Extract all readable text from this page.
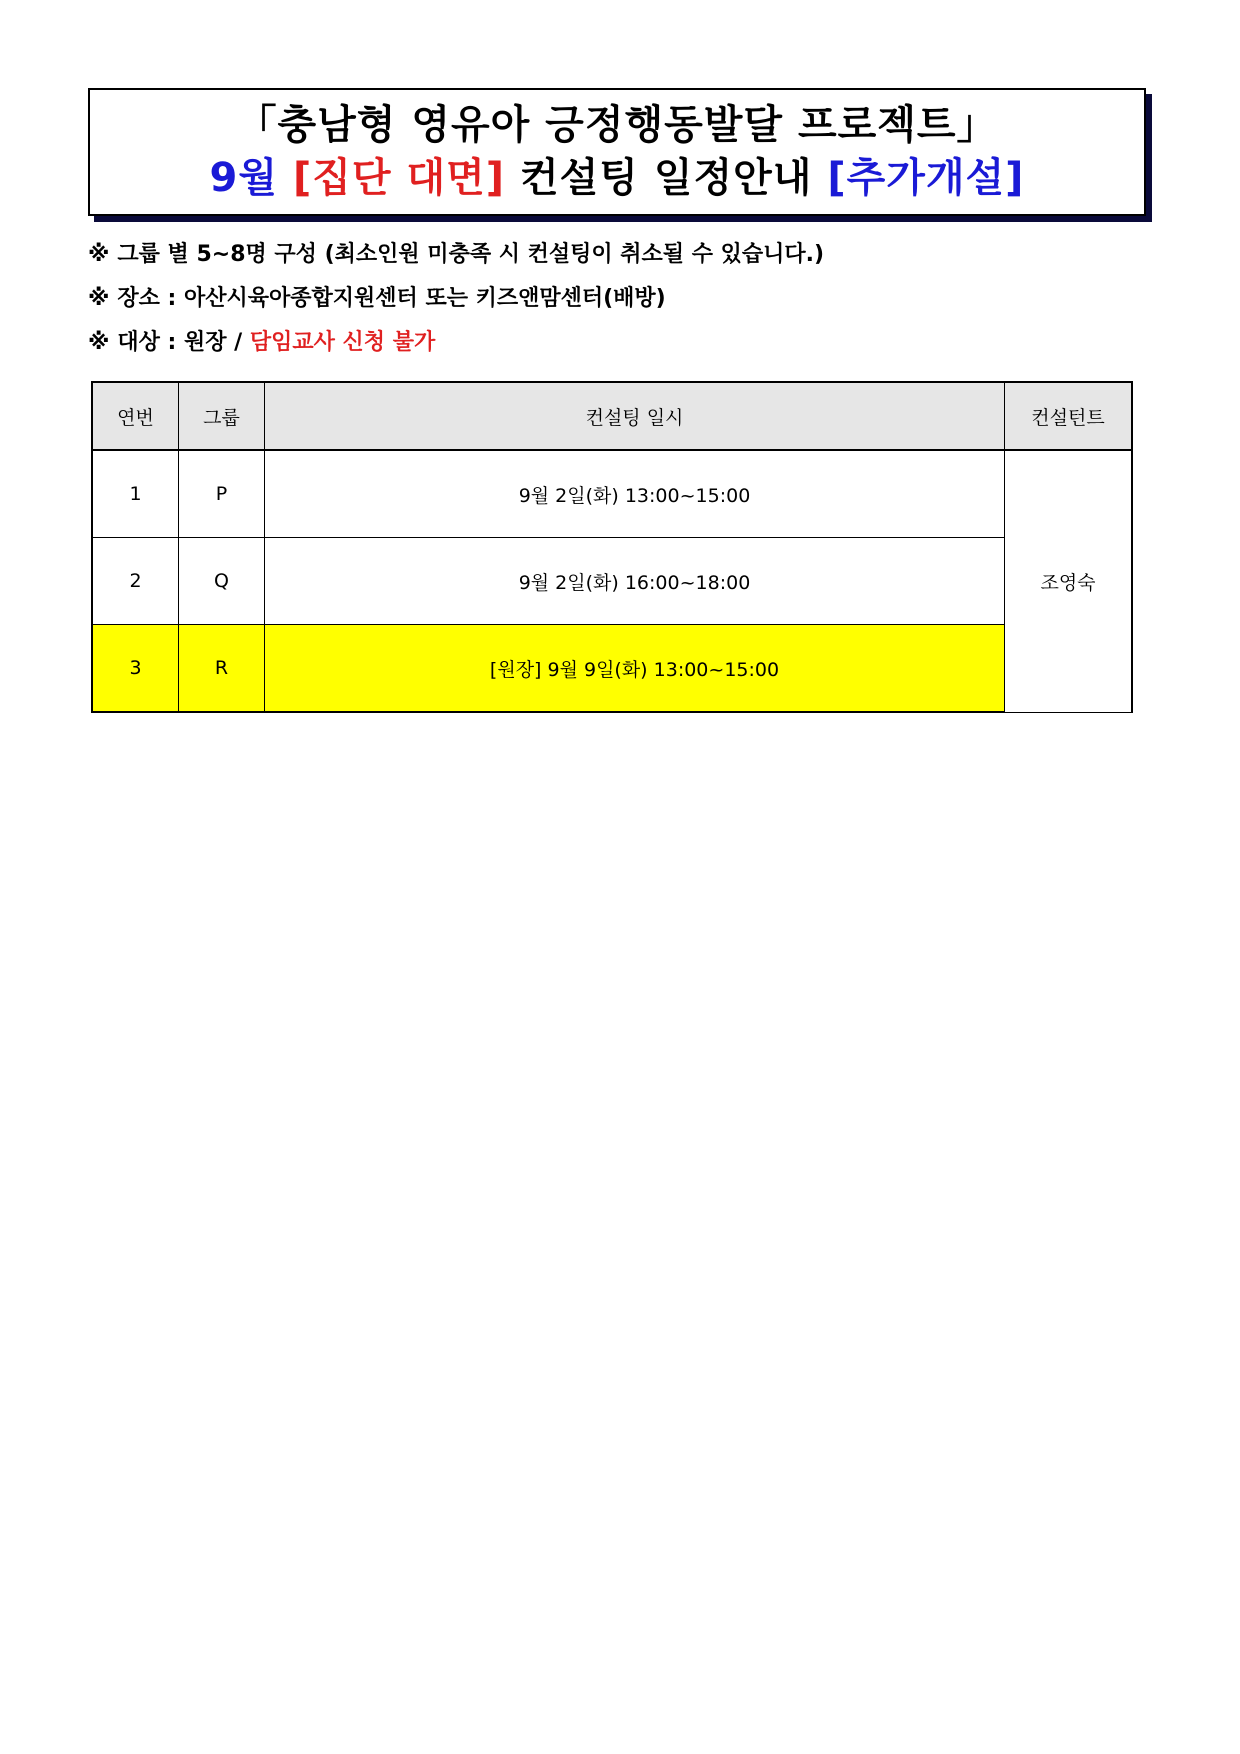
「충남형 영유아 긍정행동발달 프로젝트」
9월 [집단 대면] 컨설팅 일정안내 [추가개설]
※ 그룹 별 5~8명 구성 (최소인원 미충족 시 컨설팅이 취소될 수 있습니다.)
※ 장소 : 아산시육아종합지원센터 또는 키즈앤맘센터(배방)
※ 대상 : 원장 / 담임교사 신청 불가
연번	그룹	컨설팅 일시	컨설턴트
1	P	9월 2일(화) 13:00~15:00	조영숙
2	Q	9월 2일(화) 16:00~18:00	
3	R	[원장] 9월 9일(화) 13:00~15:00	
